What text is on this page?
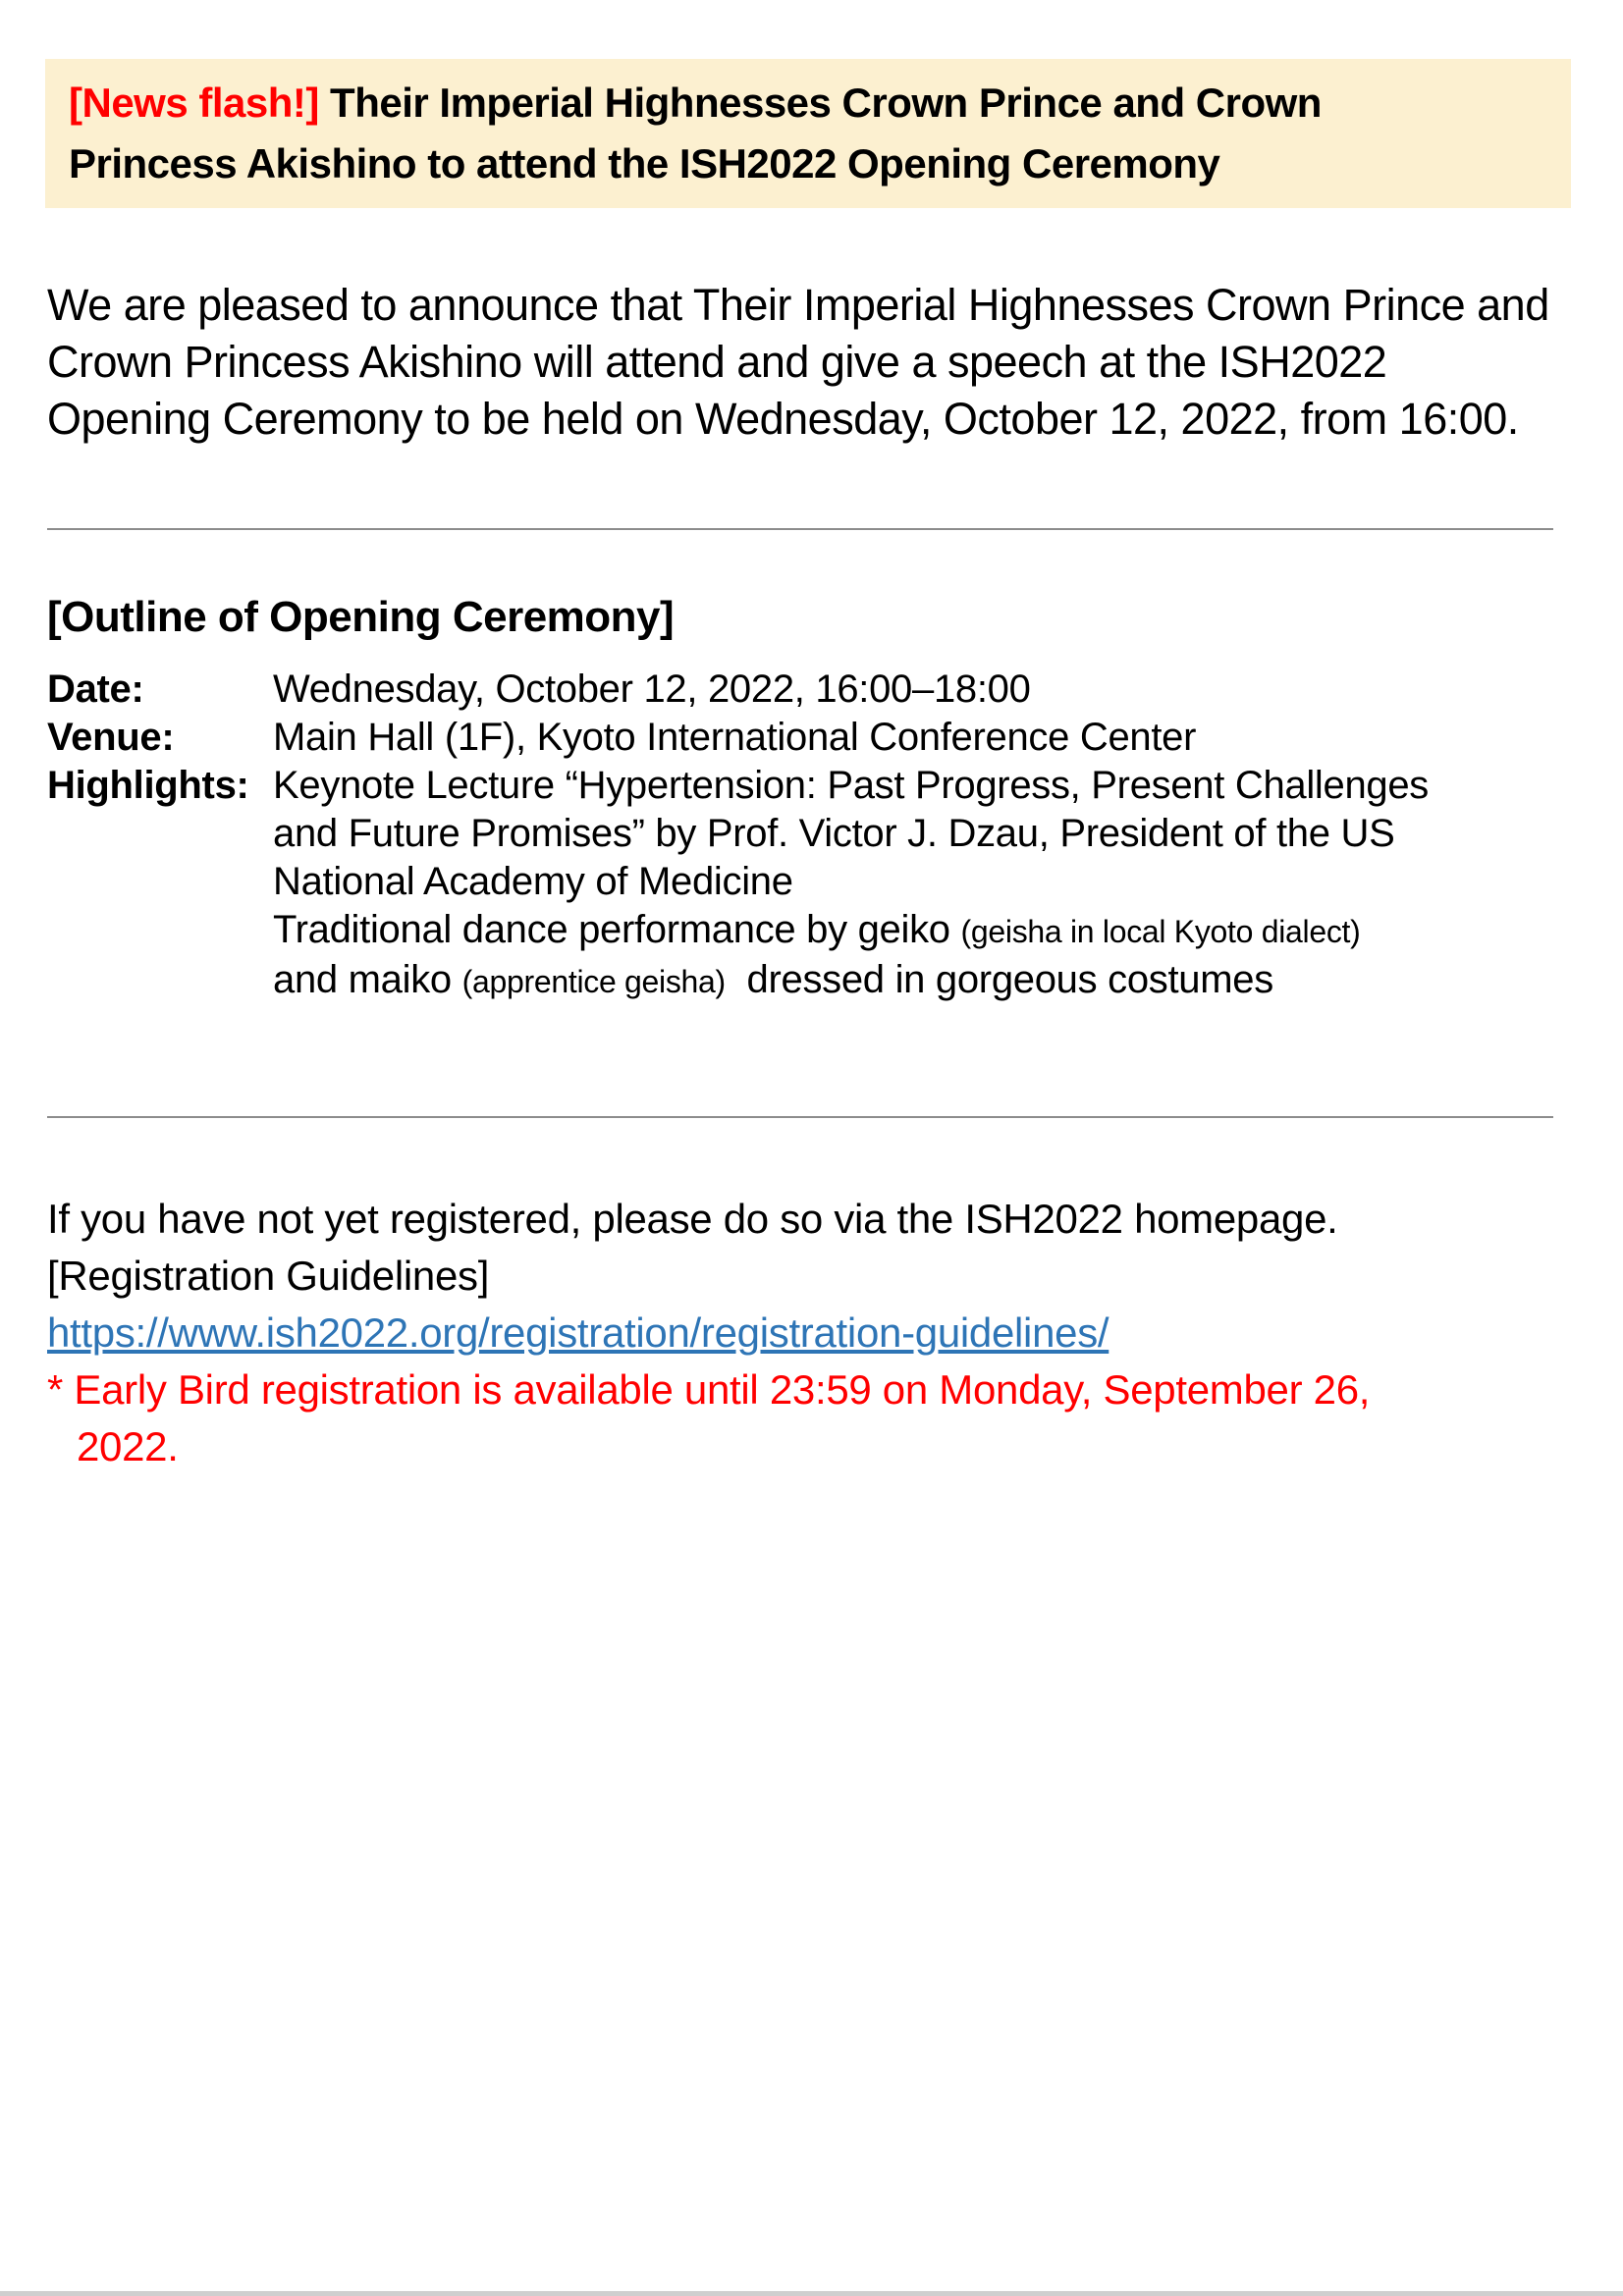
[News flash!] Their Imperial Highnesses Crown Prince and Crown
Princess Akishino to attend the ISH2022 Opening Ceremony

We are pleased to announce that Their Imperial Highnesses Crown Prince and Crown Princess Akishino will attend and give a speech at the ISH2022 Opening Ceremony to be held on Wednesday, October 12, 2022, from 16:00.

[Outline of Opening Ceremony]
Date:	Wednesday, October 12, 2022, 16:00–18:00
Venue:	Main Hall (1F), Kyoto International Conference Center
Highlights: Keynote Lecture “Hypertension: Past Progress, Present Challenges
and Future Promises” by Prof. Victor J. Dzau, President of the US
National Academy of Medicine
Traditional dance performance by geiko (geisha in local Kyoto dialect)
and maiko (apprentice geisha)  dressed in gorgeous costumes
If you have not yet registered, please do so via the ISH2022 homepage.
[Registration Guidelines]
https://www.ish2022.org/registration/registration-guidelines/
* Early Bird registration is available until 23:59 on Monday, September 26,
2022.
